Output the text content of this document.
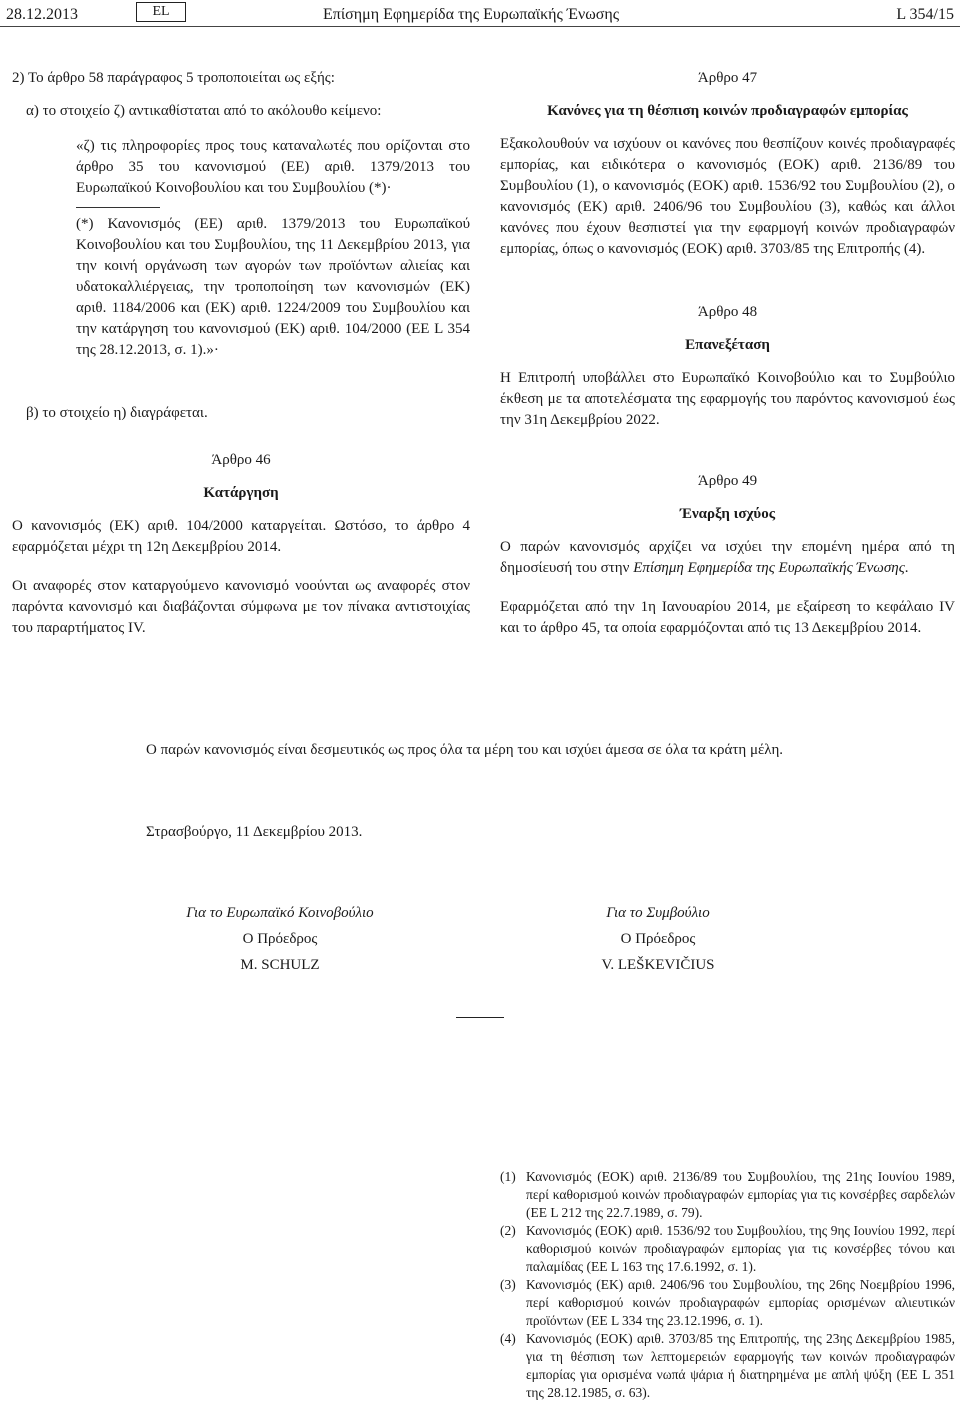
28.12.2013	EL	Επίσημη Εφημερίδα της Ευρωπαϊκής Ένωσης	L 354/15

2) Το άρθρο 58 παράγραφος 5 τροποποιείται ως εξής:

α) το στοιχείο ζ) αντικαθίσταται από το ακόλουθο κείμενο:

«ζ) τις πληροφορίες προς τους καταναλωτές που ορίζονται στο άρθρο 35 του κανονισμού (ΕΕ) αριθ. 1379/2013 του Ευρωπαϊκού Κοινοβουλίου και του Συμβουλίου (*)·

(*) Κανονισμός (ΕΕ) αριθ. 1379/2013 του Ευρωπαϊκού Κοινοβουλίου και του Συμβουλίου, της 11 Δεκεμβρίου 2013, για την κοινή οργάνωση των αγορών των προϊόντων αλιείας και υδατοκαλλιέργειας, την τροποποίηση των κανονισμών (ΕΚ) αριθ. 1184/2006 και (ΕΚ) αριθ. 1224/2009 του Συμβουλίου και την κατάργηση του κανονισμού (ΕΚ) αριθ. 104/2000 (ΕΕ L 354 της 28.12.2013, σ. 1).»·

β) το στοιχείο η) διαγράφεται.

Άρθρο 46

Κατάργηση

Ο κανονισμός (ΕΚ) αριθ. 104/2000 καταργείται. Ωστόσο, το άρθρο 4 εφαρμόζεται μέχρι τη 12η Δεκεμβρίου 2014.

Οι αναφορές στον καταργούμενο κανονισμό νοούνται ως αναφορές στον παρόντα κανονισμό και διαβάζονται σύμφωνα με τον πίνακα αντιστοιχίας του παραρτήματος IV.

Άρθρο 47

Κανόνες για τη θέσπιση κοινών προδιαγραφών εμπορίας

Εξακολουθούν να ισχύουν οι κανόνες που θεσπίζουν κοινές προδιαγραφές εμπορίας, και ειδικότερα ο κανονισμός (ΕΟΚ) αριθ. 2136/89 του Συμβουλίου (1), ο κανονισμός (ΕΟΚ) αριθ. 1536/92 του Συμβουλίου (2), ο κανονισμός (ΕΚ) αριθ. 2406/96 του Συμβουλίου (3), καθώς και άλλοι κανόνες που έχουν θεσπιστεί για την εφαρμογή κοινών προδιαγραφών εμπορίας, όπως ο κανονισμός (ΕΟΚ) αριθ. 3703/85 της Επιτροπής (4).

Άρθρο 48

Επανεξέταση

Η Επιτροπή υποβάλλει στο Ευρωπαϊκό Κοινοβούλιο και το Συμβούλιο έκθεση με τα αποτελέσματα της εφαρμογής του παρόντος κανονισμού έως την 31η Δεκεμβρίου 2022.

Άρθρο 49

Έναρξη ισχύος

Ο παρών κανονισμός αρχίζει να ισχύει την επομένη ημέρα από τη δημοσίευσή του στην Επίσημη Εφημερίδα της Ευρωπαϊκής Ένωσης.

Εφαρμόζεται από την 1η Ιανουαρίου 2014, με εξαίρεση το κεφάλαιο IV και το άρθρο 45, τα οποία εφαρμόζονται από τις 13 Δεκεμβρίου 2014.

Ο παρών κανονισμός είναι δεσμευτικός ως προς όλα τα μέρη του και ισχύει άμεσα σε όλα τα κράτη μέλη.

Στρασβούργο, 11 Δεκεμβρίου 2013.

Για το Ευρωπαϊκό Κοινοβούλιο

Ο Πρόεδρος

M. SCHULZ

Για το Συμβούλιο

Ο Πρόεδρος

V. LEŠKEVIČIUS

(1) Κανονισμός (ΕΟΚ) αριθ. 2136/89 του Συμβουλίου, της 21ης Ιουνίου 1989, περί καθορισμού κοινών προδιαγραφών εμπορίας για τις κονσέρβες σαρδελών (ΕΕ L 212 της 22.7.1989, σ. 79).
(2) Κανονισμός (ΕΟΚ) αριθ. 1536/92 του Συμβουλίου, της 9ης Ιουνίου 1992, περί καθορισμού κοινών προδιαγραφών εμπορίας για τις κονσέρβες τόνου και παλαμίδας (ΕΕ L 163 της 17.6.1992, σ. 1).
(3) Κανονισμός (ΕΚ) αριθ. 2406/96 του Συμβουλίου, της 26ης Νοεμβρίου 1996, περί καθορισμού κοινών προδιαγραφών εμπορίας ορισμένων αλιευτικών προϊόντων (ΕΕ L 334 της 23.12.1996, σ. 1).
(4) Κανονισμός (ΕΟΚ) αριθ. 3703/85 της Επιτροπής, της 23ης Δεκεμβρίου 1985, για τη θέσπιση των λεπτομερειών εφαρμογής των κοινών προδιαγραφών εμπορίας για ορισμένα νωπά ψάρια ή διατηρημένα με απλή ψύξη (ΕΕ L 351 της 28.12.1985, σ. 63).
